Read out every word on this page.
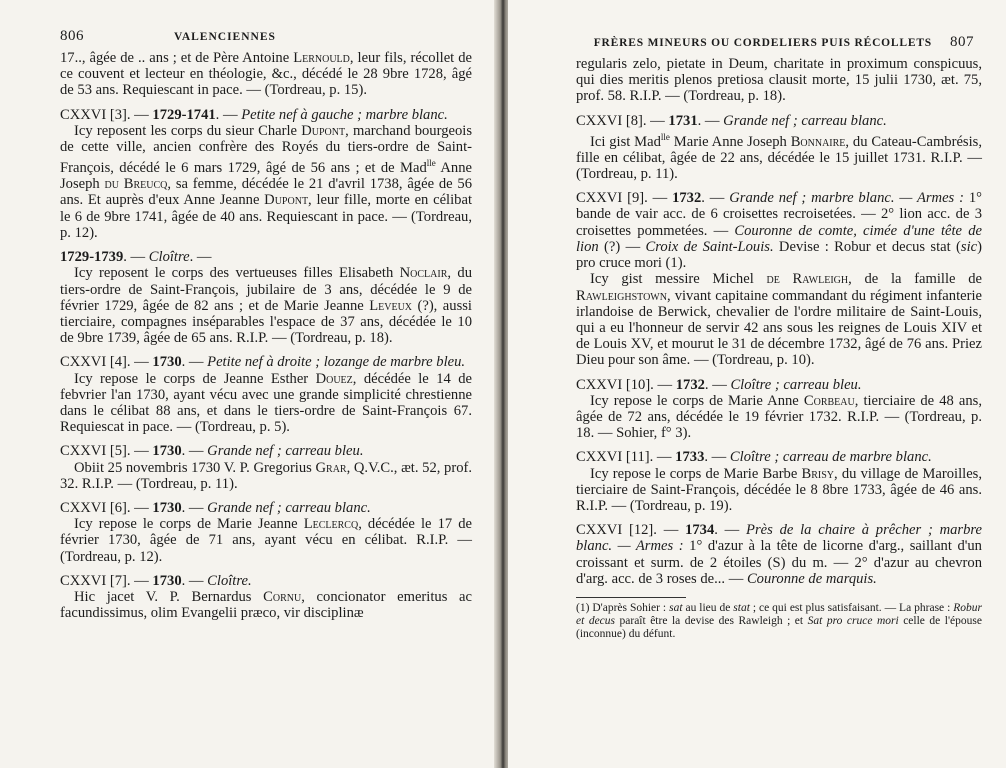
806	VALENCIENNES

17.., âgée de .. ans ; et de Père Antoine Lernould, leur fils, récollet de ce couvent et lecteur en théologie, &c., décédé le 28 9bre 1728, âgé de 53 ans. Requiescant in pace. — (Tordreau, p. 15).

CXXVI [3]. — 1729-1741. — Petite nef à gauche ; marbre blanc.

Icy reposent les corps du sieur Charle Dupont, marchand bourgeois de cette ville, ancien confrère des Royés du tiers-ordre de Saint-François, décédé le 6 mars 1729, âgé de 56 ans ; et de Mad$^{lle}$ Anne Joseph du Breucq, sa femme, décédée le 21 d'avril 1738, âgée de 56 ans. Et auprès d'eux Anne Jeanne Dupont, leur fille, morte en célibat le 6 de 9bre 1741, âgée de 40 ans. Requiescant in pace. — (Tordreau, p. 12).

1729-1739. — Cloître. —

Icy reposent le corps des vertueuses filles Elisabeth Noclair, du tiers-ordre de Saint-François, jubilaire de 3 ans, décédée le 9 de février 1729, âgée de 82 ans ; et de Marie Jeanne Leveux (?), aussi tierciaire, compagnes inséparables l'espace de 37 ans, décédée le 10 de 9bre 1739, âgée de 65 ans. R.I.P. — (Tordreau, p. 18).

CXXVI [4]. — 1730. — Petite nef à droite ; lozange de marbre bleu.

Icy repose le corps de Jeanne Esther Douez, décédée le 14 de febvrier l'an 1730, ayant vécu avec une grande simplicité chrestienne dans le célibat 88 ans, et dans le tiers-ordre de Saint-François 67. Requiescat in pace. — (Tordreau, p. 5).

CXXVI [5]. — 1730. — Grande nef ; carreau bleu.

Obiit 25 novembris 1730 V. P. Gregorius Grar, Q.V.C., æt. 52, prof. 32. R.I.P. — (Tordreau, p. 11).

CXXVI [6]. — 1730. — Grande nef ; carreau blanc.

Icy repose le corps de Marie Jeanne Leclercq, décédée le 17 de février 1730, âgée de 71 ans, ayant vécu en célibat. R.I.P. — (Tordreau, p. 12).

CXXVI [7]. — 1730. — Cloître.

Hic jacet V. P. Bernardus Cornu, concionator emeritus ac facundissimus, olim Evangelii præco, vir disciplinæ

FRÈRES MINEURS OU CORDELIERS PUIS RÉCOLLETS 807

regularis zelo, pietate in Deum, charitate in proximum conspicuus, qui dies meritis plenos pretiosa clausit morte, 15 julii 1730, æt. 75, prof. 58. R.I.P. — (Tordreau, p. 18).

CXXVI [8]. — 1731. — Grande nef ; carreau blanc.

Ici gist Mad$^{lle}$ Marie Anne Joseph Bonnaire, du Cateau-Cambrésis, fille en célibat, âgée de 22 ans, décédée le 15 juillet 1731. R.I.P. — (Tordreau, p. 11).

CXXVI [9]. — 1732. — Grande nef ; marbre blanc. — Armes : 1° bande de vair acc. de 6 croisettes recroisetées. — 2° lion acc. de 3 croisettes pommetées. — Couronne de comte, cimée d'une tête de lion (?) — Croix de Saint-Louis. Devise : Robur et decus stat (sic) pro cruce mori (1).

Icy gist messire Michel de Rawleigh, de la famille de Rawleighstown, vivant capitaine commandant du régiment infanterie irlandoise de Berwick, chevalier de l'ordre militaire de Saint-Louis, qui a eu l'honneur de servir 42 ans sous les reignes de Louis XIV et de Louis XV, et mourut le 31 de décembre 1732, âgé de 76 ans. Priez Dieu pour son âme. — (Tordreau, p. 10).

CXXVI [10]. — 1732. — Cloître ; carreau bleu.

Icy repose le corps de Marie Anne Corbeau, tierciaire de 48 ans, âgée de 72 ans, décédée le 19 février 1732. R.I.P. — (Tordreau, p. 18. — Sohier, f° 3).

CXXVI [11]. — 1733. — Cloître ; carreau de marbre blanc.

Icy repose le corps de Marie Barbe Brisy, du village de Maroilles, tierciaire de Saint-François, décédée le 8 8bre 1733, âgée de 46 ans. R.I.P. — (Tordreau, p. 19).

CXXVI [12]. — 1734. — Près de la chaire à prêcher ; marbre blanc. — Armes : 1° d'azur à la tête de licorne d'arg., saillant d'un croissant et surm. de 2 étoiles (S) du m. — 2° d'azur au chevron d'arg. acc. de 3 roses de... — Couronne de marquis.

(1) D'après Sohier : sat au lieu de stat ; ce qui est plus satisfaisant. — La phrase : Robur et decus paraît être la devise des Rawleigh ; et Sat pro cruce mori celle de l'épouse (inconnue) du défunt.
